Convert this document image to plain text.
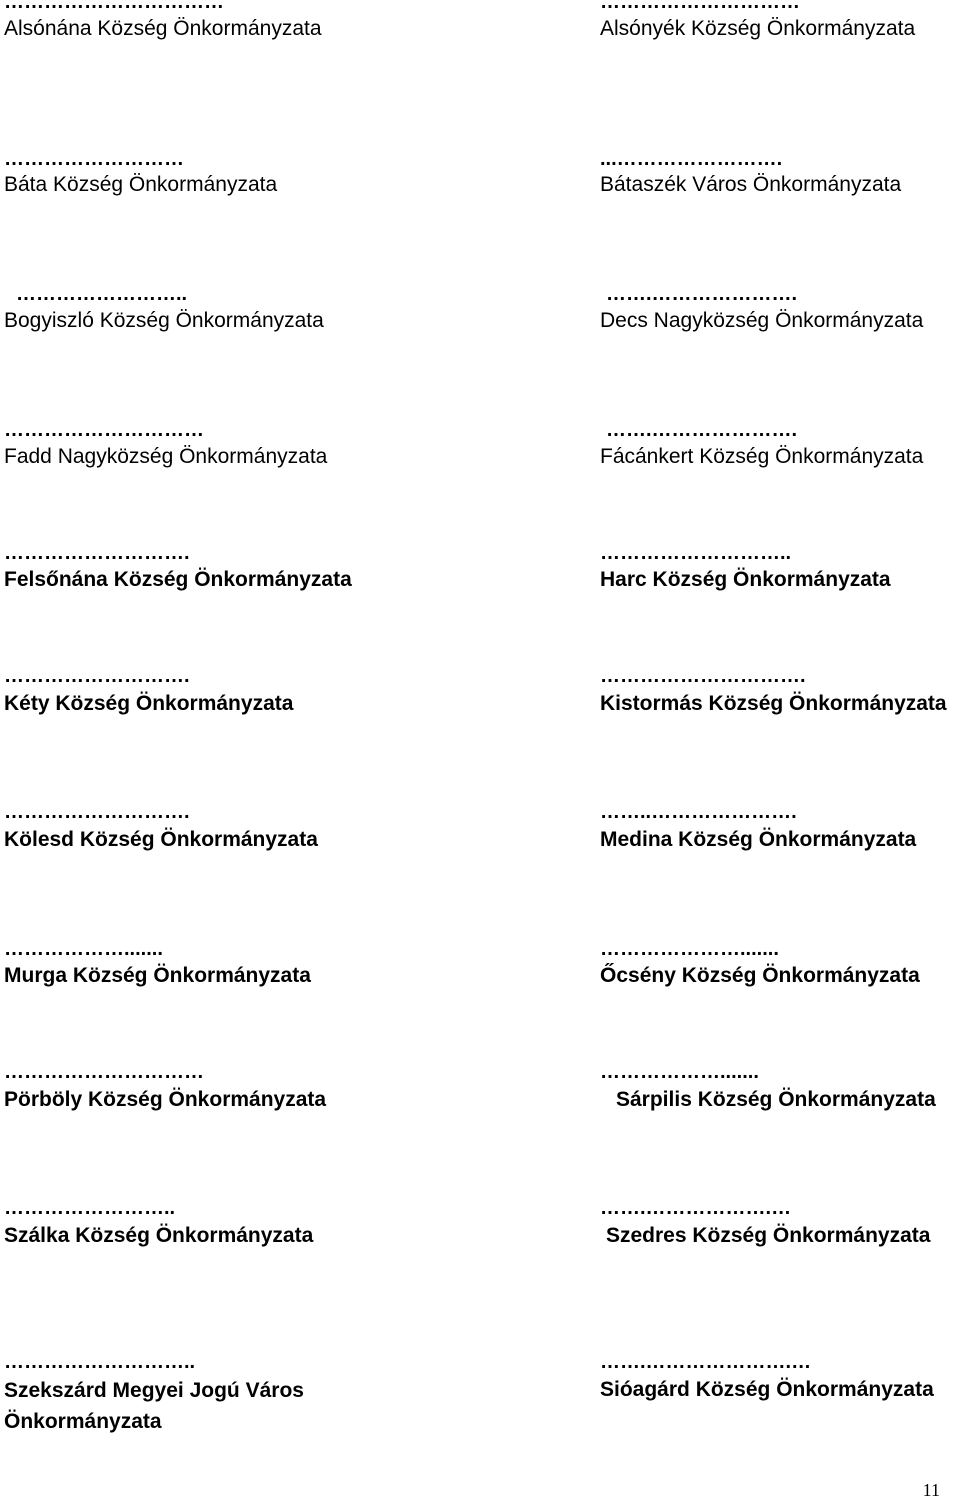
……………………………
Alsónána Község Önkormányzata
…………………………
Alsónyék Község Önkormányzata
………………………
Báta Község Önkormányzata
...…………………….
Bátaszék Város Önkormányzata
……………………..
Bogyiszló Község Önkormányzata
…….………………….
Decs Nagyközség Önkormányzata
…………………………
Fadd Nagyközség Önkormányzata
…….………………….
Fácánkert Község Önkormányzata
……………………….
Felsőnána Község Önkormányzata
………………………..
Harc Község Önkormányzata
……………………….
Kéty Község Önkormányzata
………………………….
Kistormás Község Önkormányzata
……………………….
Kölesd Község Önkormányzata
……..………………….
Medina Község Önkormányzata
……………….......
Murga Község Önkormányzata
………………….......
Őcsény Község Önkormányzata
…………………………
Pörböly Község Önkormányzata
……………….......
Sárpilis Község Önkormányzata
……………………..
Szálka Község Önkormányzata
…….……………….…
Szedres Község Önkormányzata
………………………..
Szekszárd Megyei Jogú Város Önkormányzata
…….………………….…
Sióagárd Község Önkormányzata
11
